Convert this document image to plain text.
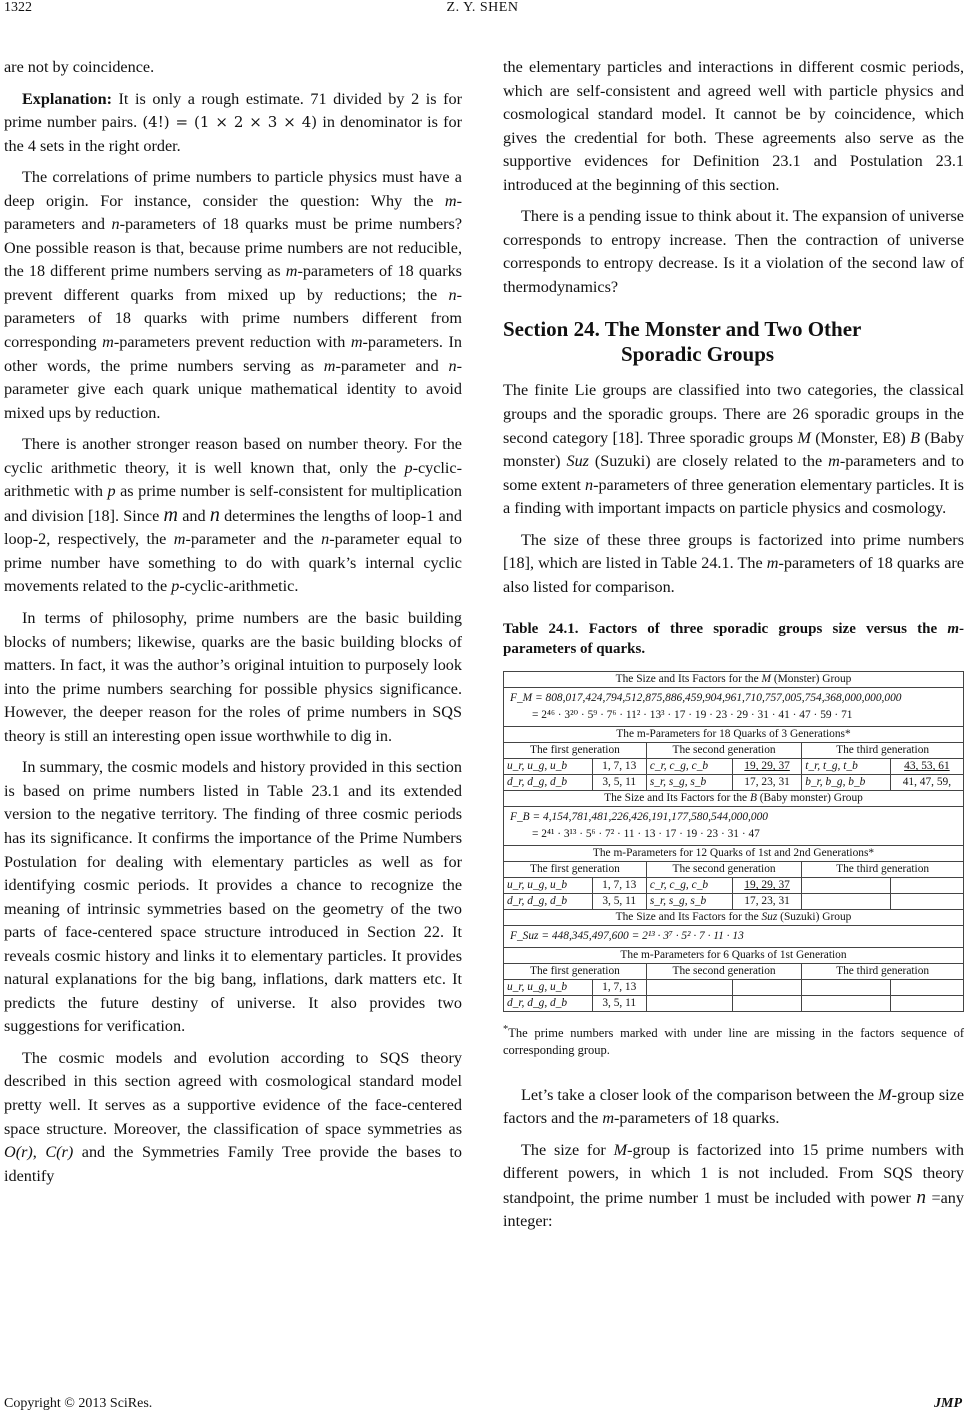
1322	Z. Y. SHEN

are not by coincidence.

Explanation: It is only a rough estimate. 71 divided by 2 is for prime number pairs. (4!) = (1 × 2 × 3 × 4) in denominator is for the 4 sets in the right order.

The correlations of prime numbers to particle physics must have a deep origin. For instance, consider the question: Why the m-parameters and n-parameters of 18 quarks must be prime numbers? One possible reason is that, because prime numbers are not reducible, the 18 different prime numbers serving as m-parameters of 18 quarks prevent different quarks from mixed up by reductions; the n-parameters of 18 quarks with prime numbers different from corresponding m-parameters prevent reduction with m-parameters. In other words, the prime numbers serving as m-parameter and n-parameter give each quark unique mathematical identity to avoid mixed ups by reduction.

There is another stronger reason based on number theory. For the cyclic arithmetic theory, it is well known that, only the p-cyclic-arithmetic with p as prime number is self-consistent for multiplication and division [18]. Since m and n determines the lengths of loop-1 and loop-2, respectively, the m-parameter and the n-parameter equal to prime number have something to do with quark’s internal cyclic movements related to the p-cyclic-arithmetic.

In terms of philosophy, prime numbers are the basic building blocks of numbers; likewise, quarks are the basic building blocks of matters. In fact, it was the author’s original intuition to purposely look into the prime numbers searching for possible physics significance. However, the deeper reason for the roles of prime numbers in SQS theory is still an interesting open issue worthwhile to dig in.

In summary, the cosmic models and history provided in this section is based on prime numbers listed in Table 23.1 and its extended version to the negative territory. The finding of three cosmic periods has its significance. It confirms the importance of the Prime Numbers Postulation for dealing with elementary particles as well as for identifying cosmic periods. It provides a chance to recognize the meaning of intrinsic symmetries based on the geometry of the two parts of face-centered space structure introduced in Section 22. It reveals cosmic history and links it to elementary particles. It provides natural explanations for the big bang, inflations, dark matters etc. It predicts the future destiny of universe. It also provides two suggestions for verification.

The cosmic models and evolution according to SQS theory described in this section agreed with cosmological standard model pretty well. It serves as a supportive evidence of the face-centered space structure. Moreover, the classification of space symmetries as O(r), C(r) and the Symmetries Family Tree provide the bases to identify

the elementary particles and interactions in different cosmic periods, which are self-consistent and agreed well with particle physics and cosmological standard model. It cannot be by coincidence, which gives the credential for both. These agreements also serve as the supportive evidences for Definition 23.1 and Postulation 23.1 introduced at the beginning of this section.

There is a pending issue to think about it. The expansion of universe corresponds to entropy increase. Then the contraction of universe corresponds to entropy decrease. Is it a violation of the second law of thermodynamics?

Section 24. The Monster and Two Other
Sporadic Groups

The finite Lie groups are classified into two categories, the classical groups and the sporadic groups. There are 26 sporadic groups in the second category [18]. Three sporadic groups M (Monster, E8) B (Baby monster) Suz (Suzuki) are closely related to the m-parameters and to some extent n-parameters of three generation elementary particles. It is a finding with important impacts on particle physics and cosmology.

The size of these three groups is factorized into prime numbers [18], which are listed in Table 24.1. The m-parameters of 18 quarks are also listed for comparison.

Table 24.1. Factors of three sporadic groups size versus the m-parameters of quarks.
The Size and Its Factors for the M (Monster) Group					

F_M = 808,017,424,794,512,875,886,459,904,961,710,757,005,754,368,000,000,000
= 2⁴⁶ · 3²⁰ · 5⁹ · 7⁶ · 11² · 13³ · 17 · 19 · 23 · 29 · 31 · 41 · 47 · 59 · 71					

The m-Parameters for 18 Quarks of 3 Generations*					
The first generation		The second generation		The third generation	
u_r, u_g, u_b	1, 7, 13	c_r, c_g, c_b	19, 29, 37	t_r, t_g, t_b	43, 53, 61
d_r, d_g, d_b	3, 5, 11	s_r, s_g, s_b	17, 23, 31	b_r, b_g, b_b	41, 47, 59,
The Size and Its Factors for the B (Baby monster) Group					

F_B = 4,154,781,481,226,426,191,177,580,544,000,000
= 2⁴¹ · 3¹³ · 5⁶ · 7² · 11 · 13 · 17 · 19 · 23 · 31 · 47					

The m-Parameters for 12 Quarks of 1st and 2nd Generations*					
The first generation		The second generation		The third generation	
u_r, u_g, u_b	1, 7, 13	c_r, c_g, c_b	19, 29, 37		
d_r, d_g, d_b	3, 5, 11	s_r, s_g, s_b	17, 23, 31		
The Size and Its Factors for the Suz (Suzuki) Group					

F_Suz = 448,345,497,600 = 2¹³ · 3⁷ · 5² · 7 · 11 · 13					

The m-Parameters for 6 Quarks of 1st Generation					
The first generation		The second generation		The third generation	
u_r, u_g, u_b	1, 7, 13				
d_r, d_g, d_b	3, 5, 11				
*The prime numbers marked with under line are missing in the factors sequence of corresponding group.

Let’s take a closer look of the comparison between the M-group size factors and the m-parameters of 18 quarks.

The size for M-group is factorized into 15 prime numbers with different powers, in which 1 is not included. From SQS theory standpoint, the prime number 1 must be included with power n =any integer:

Copyright © 2013 SciRes.	JMP
